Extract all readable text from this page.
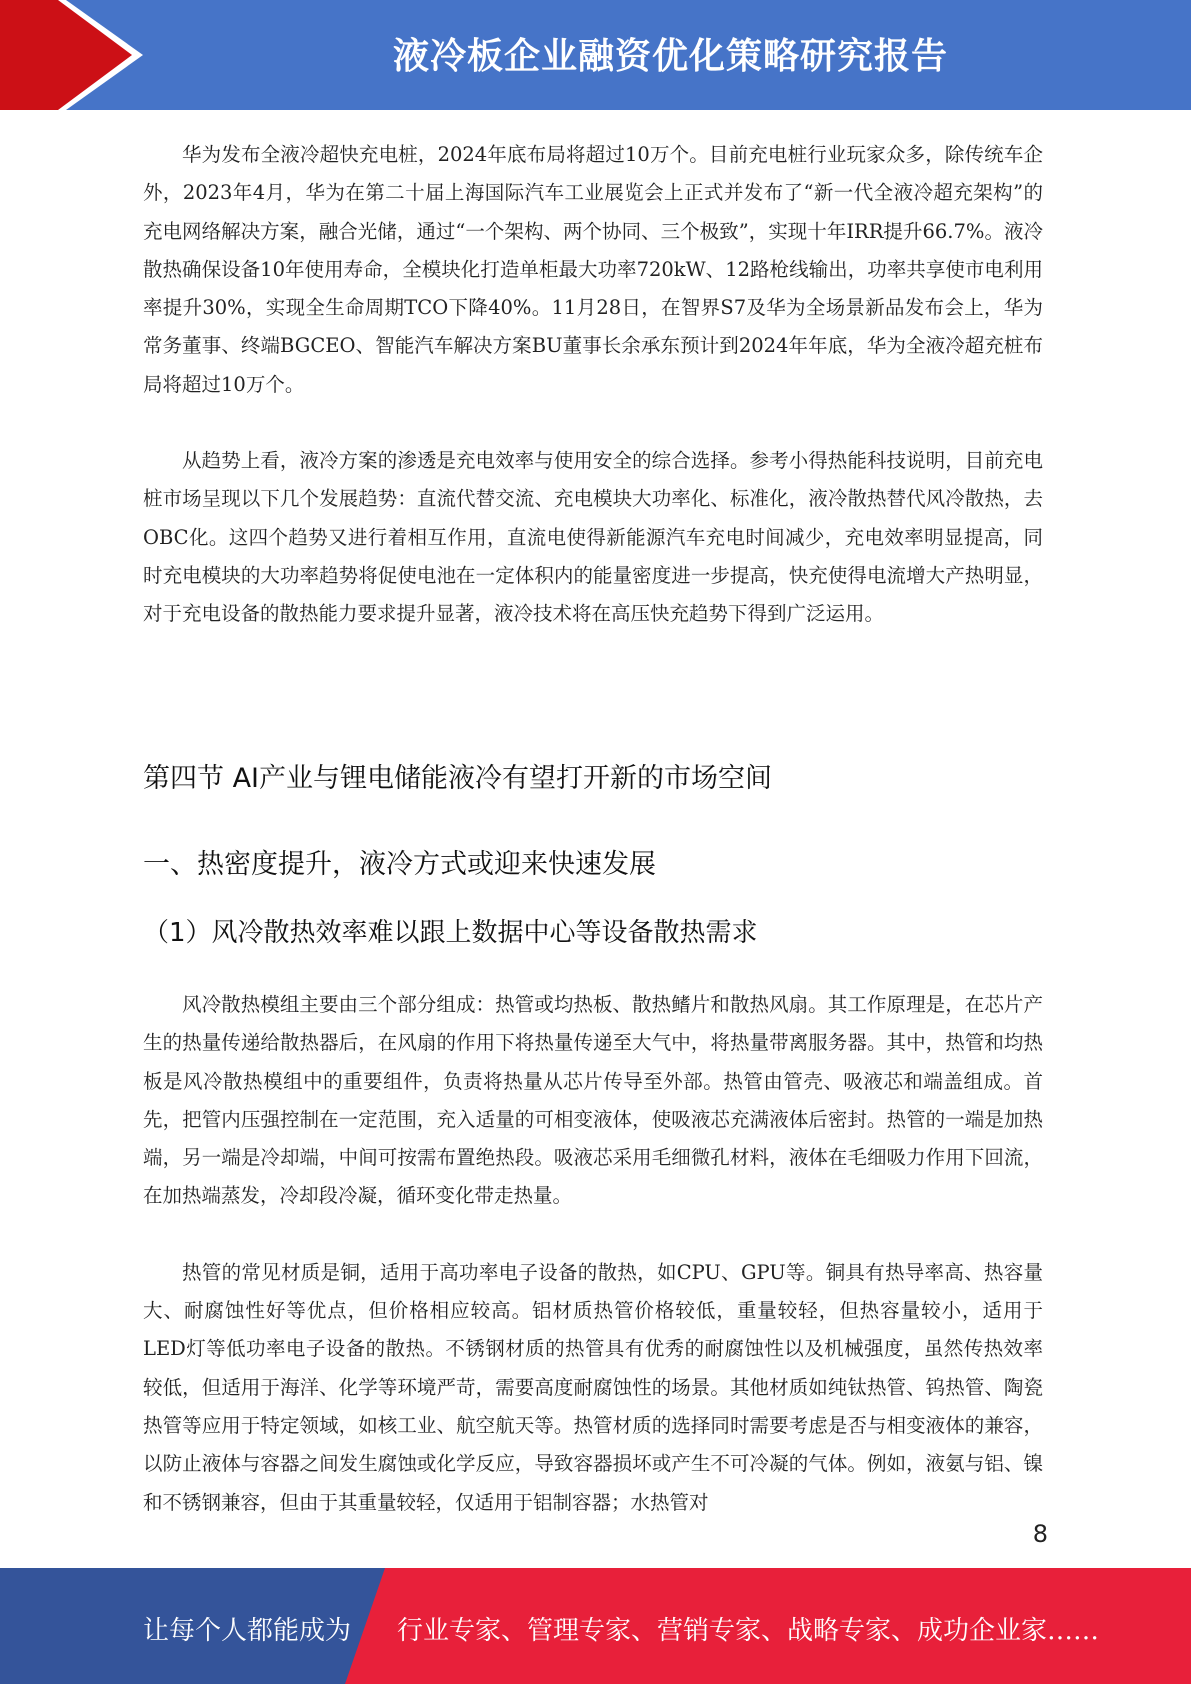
液冷板企业融资优化策略研究报告

华为发布全液冷超快充电桩，2024年底布局将超过10万个。目前充电桩行业玩家众多，除传统车企外，2023年4月，华为在第二十届上海国际汽车工业展览会上正式并发布了“新一代全液冷超充架构”的充电网络解决方案，融合光储，通过“一个架构、两个协同、三个极致”，实现十年IRR提升66.7%。液冷散热确保设备10年使用寿命，全模块化打造单柜最大功率720kW、12路枪线输出，功率共享使市电利用率提升30%，实现全生命周期TCO下降40%。11月28日，在智界S7及华为全场景新品发布会上，华为常务董事、终端BGCEO、智能汽车解决方案BU董事长余承东预计到2024年年底，华为全液冷超充桩布局将超过10万个。

从趋势上看，液冷方案的渗透是充电效率与使用安全的综合选择。参考小得热能科技说明，目前充电桩市场呈现以下几个发展趋势：直流代替交流、充电模块大功率化、标准化，液冷散热替代风冷散热，去OBC化。这四个趋势又进行着相互作用，直流电使得新能源汽车充电时间减少，充电效率明显提高，同时充电模块的大功率趋势将促使电池在一定体积内的能量密度进一步提高，快充使得电流增大产热明显，对于充电设备的散热能力要求提升显著，液冷技术将在高压快充趋势下得到广泛运用。

第四节 AI产业与锂电储能液冷有望打开新的市场空间
一、热密度提升，液冷方式或迎来快速发展
（1）风冷散热效率难以跟上数据中心等设备散热需求

风冷散热模组主要由三个部分组成：热管或均热板、散热鳍片和散热风扇。其工作原理是，在芯片产生的热量传递给散热器后，在风扇的作用下将热量传递至大气中，将热量带离服务器。其中，热管和均热板是风冷散热模组中的重要组件，负责将热量从芯片传导至外部。热管由管壳、吸液芯和端盖组成。首先，把管内压强控制在一定范围，充入适量的可相变液体，使吸液芯充满液体后密封。热管的一端是加热端，另一端是冷却端，中间可按需布置绝热段。吸液芯采用毛细微孔材料，液体在毛细吸力作用下回流，在加热端蒸发，冷却段冷凝，循环变化带走热量。

热管的常见材质是铜，适用于高功率电子设备的散热，如CPU、GPU等。铜具有热导率高、热容量大、耐腐蚀性好等优点，但价格相应较高。铝材质热管价格较低，重量较轻，但热容量较小，适用于LED灯等低功率电子设备的散热。不锈钢材质的热管具有优秀的耐腐蚀性以及机械强度，虽然传热效率较低，但适用于海洋、化学等环境严苛，需要高度耐腐蚀性的场景。其他材质如纯钛热管、钨热管、陶瓷热管等应用于特定领域，如核工业、航空航天等。热管材质的选择同时需要考虑是否与相变液体的兼容，以防止液体与容器之间发生腐蚀或化学反应，导致容器损坏或产生不可冷凝的气体。例如，液氨与铝、镍和不锈钢兼容，但由于其重量较轻，仅适用于铝制容器；水热管对

8
让每个人都能成为 行业专家、管理专家、营销专家、战略专家、成功企业家……
